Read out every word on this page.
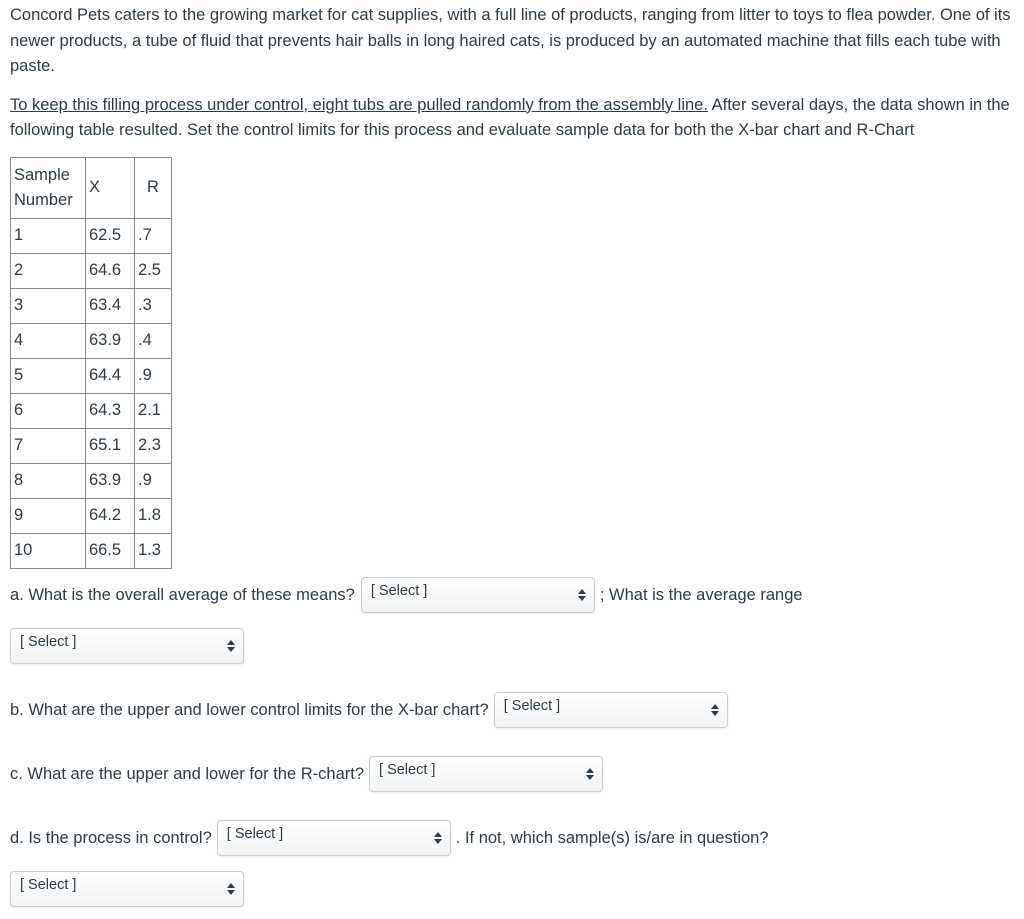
Concord Pets caters to the growing market for cat supplies, with a full line of products, ranging from litter to toys to flea powder. One of its newer products, a tube of fluid that prevents hair balls in long haired cats, is produced by an automated machine that fills each tube with paste.

To keep this filling process under control, eight tubs are pulled randomly from the assembly line. After several days, the data shown in the following table resulted. Set the control limits for this process and evaluate sample data for both the X-bar chart and R-Chart

Sample Number	X	R
1	62.5	.7
2	64.6	2.5
3	63.4	.3
4	63.9	.4
5	64.4	.9
6	64.3	2.1
7	65.1	2.3
8	63.9	.9
9	64.2	1.8
10	66.5	1.3
a. What is the overall average of these means? [ Select ]	; What is the average range
[ Select ]
b. What are the upper and lower control limits for the X-bar chart? [ Select ]
c. What are the upper and lower for the R-chart? [ Select ]
d. Is the process in control? [ Select ]	. If not, which sample(s) is/are in question?
[ Select ]
